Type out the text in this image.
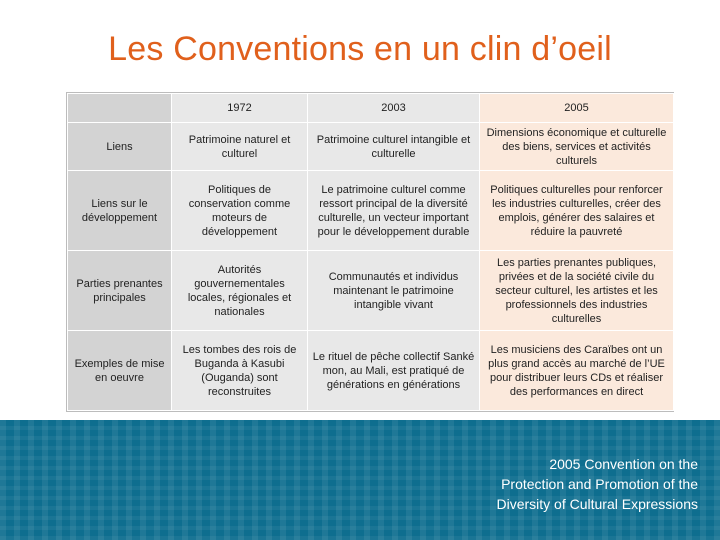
Les Conventions en un clin d’oeil
	1972	2003	2005
Liens	Patrimoine naturel et culturel	Patrimoine culturel intangible et culturelle	Dimensions économique et culturelle des biens, services et activités culturels
Liens sur le développement	Politiques de conservation comme moteurs de développement	Le patrimoine culturel comme ressort principal de la diversité culturelle, un vecteur important pour le développement durable	Politiques culturelles pour renforcer les industries culturelles, créer des emplois, générer des salaires et réduire la pauvreté
Parties prenantes principales	Autorités gouvernementales locales, régionales et nationales	Communautés et individus maintenant le patrimoine intangible vivant	Les parties prenantes publiques, privées et de la société civile du secteur culturel, les artistes et les professionnels des industries culturelles
Exemples de mise en oeuvre	Les tombes des rois de Buganda à Kasubi (Ouganda) sont reconstruites	Le rituel de pêche collectif Sanké mon, au Mali, est pratiqué de générations en générations	Les musiciens des Caraïbes ont un plus grand accès au marché de l’UE pour distribuer leurs CDs et réaliser des performances en direct
2005 Convention on the
Protection and Promotion of the
Diversity of Cultural Expressions
